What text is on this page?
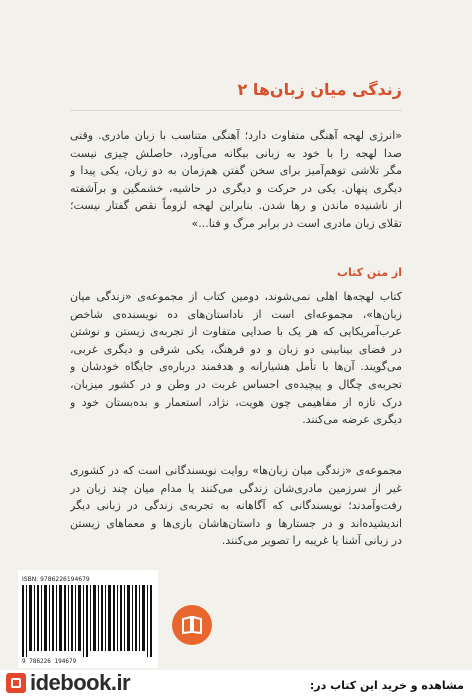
زندگی میان زبان‌ها ۲
«انرژی لهجه آهنگی متفاوت دارد؛ آهنگی متناسب با زبان مادری. وقتی
صدا لهجه را با خود به زبانی بیگانه می‌آورد، حاصلش چیزی نیست
مگر تلاشی توهم‌آمیز برای سخن گفتن هم‌زمان به دو زبان، یکی پیدا و
دیگری پنهان. یکی در حرکت و دیگری در حاشیه، خشمگین و برآشفته
از ناشنیده ماندن و رها شدن. بنابراین لهجه لزوماً نقص گفتار نیست؛
تقلای زبان مادری است در برابر مرگ و فنا...»
از متن کتاب
کتاب لهجه‌ها اهلی نمی‌شوند، دومین کتاب از مجموعه‌ی «زندگی میان
زبان‌ها»، مجموعه‌ای است از ناداستان‌های ده نویسنده‌ی شاخص
عرب‌آمریکایی که هر یک با صدایی متفاوت از تجربه‌ی زیستن و نوشتن
در فضای بینابینی دو زبان و دو فرهنگ، یکی شرقی و دیگری غربی،
می‌گویند. آن‌ها با تأمل هشیارانه و هدفمند درباره‌ی جایگاه خودشان و
تجربه‌ی چگال و پیچیده‌ی احساس غربت در وطن و در کشور میزبان،
درک تازه از مفاهیمی چون هویت، نژاد، استعمار و بده‌بستان خود و
دیگری عرضه می‌کنند.
مجموعه‌ی «زندگی میان زبان‌ها» روایت نویسندگانی است که در کشوری
غیر از سرزمین مادری‌شان زندگی می‌کنند یا مدام میان چند زبان در
رفت‌وآمدند؛ نویسندگانی که آگاهانه به تجربه‌ی زندگی در زبانی دیگر
اندیشیده‌اند و در جستارها و داستان‌هاشان بازی‌ها و معماهای زیستن
در زبانی آشنا یا غریبه را تصویر می‌کنند.
ISBN: 9786226194679
9 786226 194679
idebook.ir	مشاهده و خرید این کتاب در:
